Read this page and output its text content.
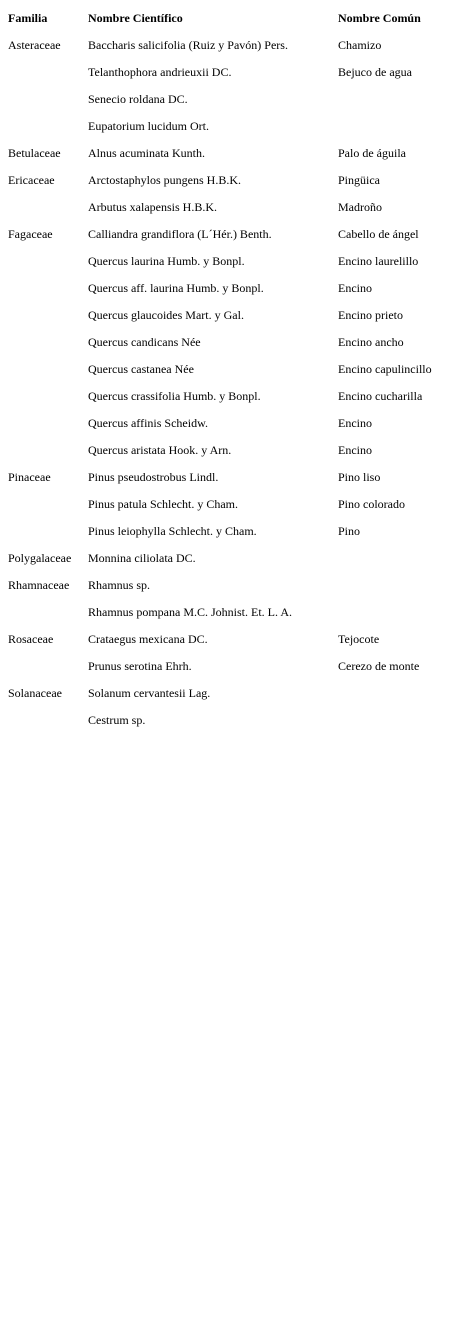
Familia	Nombre Científico	Nombre Común
Asteraceae	Baccharis salicifolia (Ruiz y Pavón) Pers.	Chamizo
	Telanthophora andrieuxii DC.	Bejuco de agua
	Senecio roldana DC.	
	Eupatorium lucidum Ort.	
Betulaceae	Alnus acuminata Kunth.	Palo de águila
Ericaceae	Arctostaphylos pungens H.B.K.	Pingüica
	Arbutus xalapensis H.B.K.	Madroño
Fagaceae	Calliandra grandiflora (L´Hér.) Benth.	Cabello de ángel
	Quercus laurina Humb. y Bonpl.	Encino laurelillo
	Quercus aff. laurina Humb. y Bonpl.	Encino
	Quercus glaucoides Mart. y Gal.	Encino prieto
	Quercus candicans Née	Encino ancho
	Quercus castanea Née	Encino capulincillo
	Quercus crassifolia Humb. y Bonpl.	Encino cucharilla
	Quercus affinis Scheidw.	Encino
	Quercus aristata Hook. y Arn.	Encino
Pinaceae	Pinus pseudostrobus Lindl.	Pino liso
	Pinus patula Schlecht. y Cham.	Pino colorado
	Pinus leiophylla Schlecht. y Cham.	Pino
Polygalaceae	Monnina ciliolata DC.	
Rhamnaceae	Rhamnus sp.	
	Rhamnus pompana M.C. Johnist. Et. L. A.	
Rosaceae	Crataegus mexicana DC.	Tejocote
	Prunus serotina Ehrh.	Cerezo de monte
Solanaceae	Solanum cervantesii Lag.	
	Cestrum sp.	
